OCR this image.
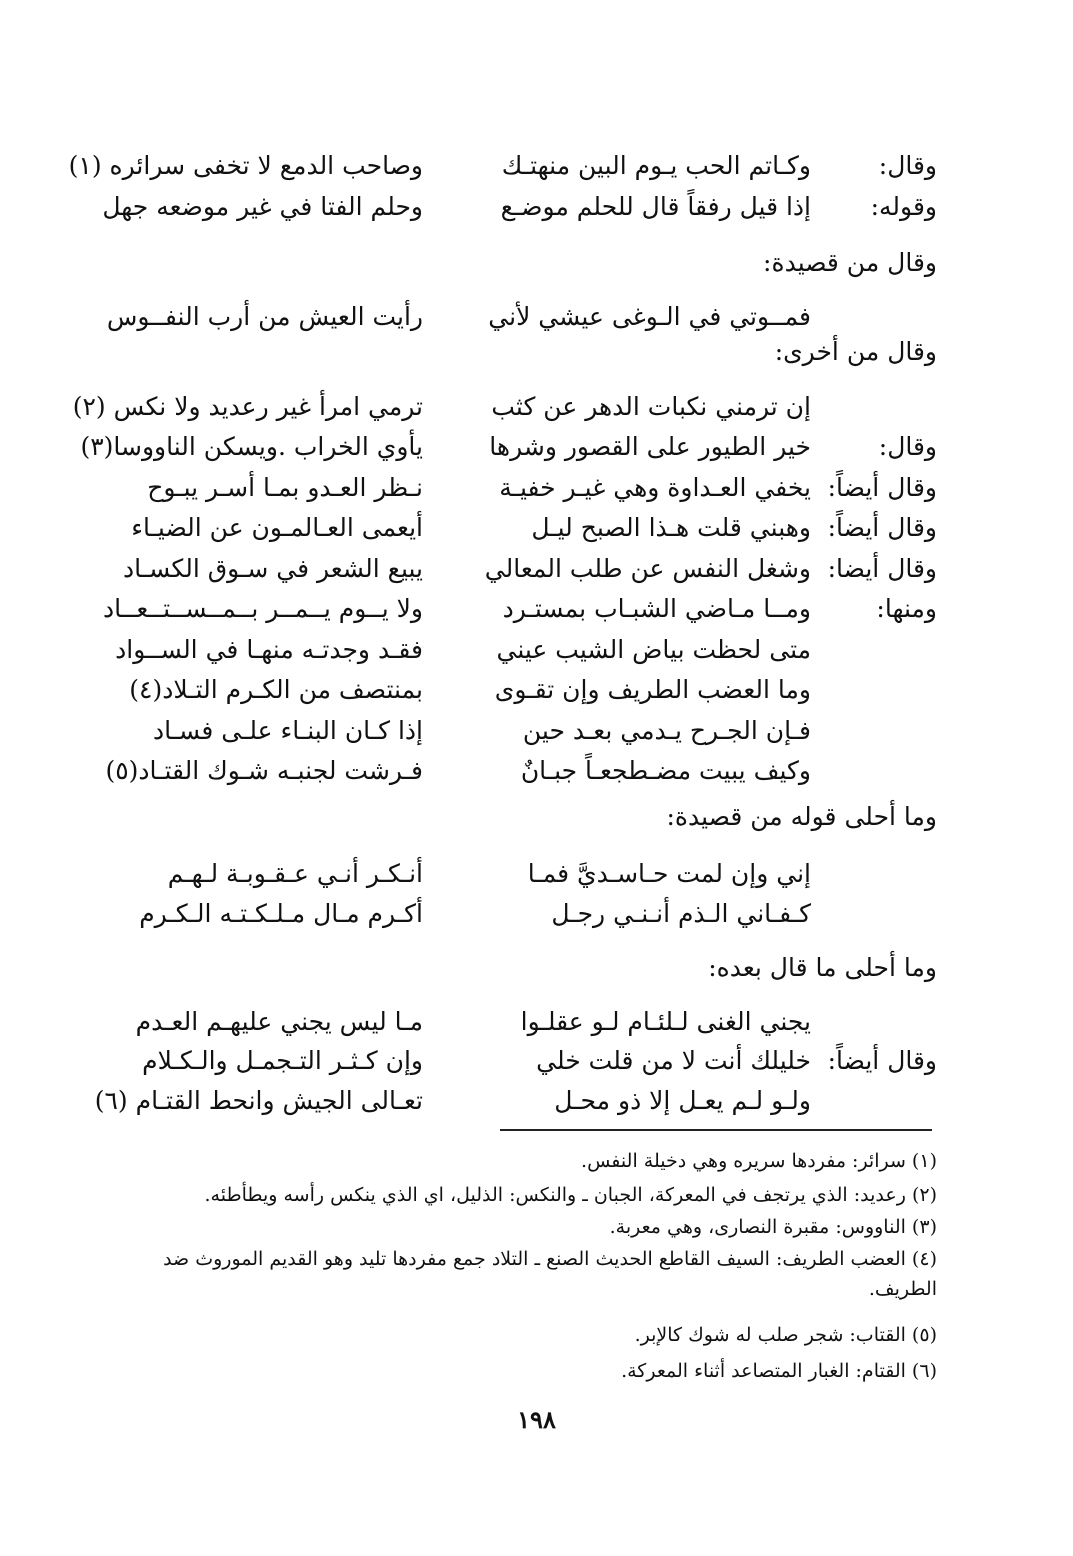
وقال:
وكـاتم الحب يـوم البين منهتـك
وصاحب الدمع لا تخفى سرائره (١)
وقوله:
إذا قيل رفقاً قال للحلم موضـع
وحلم الفتا في غير موضعه جهل
وقال من قصيدة:
فمــوتي في الـوغى عيشي لأني
رأيت العيش من أرب النفــوس
وقال من أخرى:
إن ترمني نكبات الدهر عن كثب
ترمي امرأ غير رعديد ولا نكس (٢)
وقال:
خير الطيور على القصور وشرها
يأوي الخراب .ويسكن الناووسا(٣)
وقال أيضاً:
يخفي العـداوة وهي غيـر خفيـة
نـظر العـدو بمـا أسـر يبـوح
وقال أيضاً:
وهبني قلت هـذا الصبح ليـل
أيعمى العـالمـون عن الضيـاء
وقال أيضا:
وشغل النفس عن طلب المعالي
يبيع الشعر في سـوق الكسـاد
ومنها:
ومــا مـاضي الشبـاب بمستـرد
ولا يــوم يــمــر بــمــســتــعــاد
متى لحظت بياض الشيب عيني
فقـد وجدتـه منهـا في الســواد
وما العضب الطريف وإن تقـوى
بمنتصف من الكـرم التـلاد(٤)
فـإن الجـرح يـدمي بعـد حين
إذا كـان البنـاء علـى فسـاد
وكيف يبيت مضـطجعـاً جبـانٌ
فـرشت لجنبـه شـوك القتـاد(٥)
وما أحلى قوله من قصيدة:
إني وإن لمت حـاسـديَّ فمـا
أنـكـر أنـي عـقـوبـة لـهـم
كـفـاني الـذم أنـنـي رجـل
أكـرم مـال مـلـكـتـه الـكـرم
وما أحلى ما قال بعده:
يجني الغنى لـلئـام لـو عقلـوا
مـا ليس يجني عليهـم العـدم
وقال أيضاً:
خليلك أنت لا من قلت خلي
وإن كـثـر التـجمـل والـكـلام
ولـو لـم يعـل إلا ذو محـل
تعـالى الجيش وانحط القتـام (٦)
(١) سرائر: مفردها سريره وهي دخيلة النفس.
(٢) رعديد: الذي يرتجف في المعركة، الجبان ـ والنكس: الذليل، اي الذي ينكس رأسه ويطأطئه.
(٣) الناووس: مقبرة النصارى، وهي معربة.
(٤) العضب الطريف: السيف القاطع الحديث الصنع ـ التلاد جمع مفردها تليد وهو القديم الموروث ضد الطريف.
(٥) القتاب: شجر صلب له شوك كالإبر.
(٦) القتام: الغبار المتصاعد أثناء المعركة.
١٩٨
